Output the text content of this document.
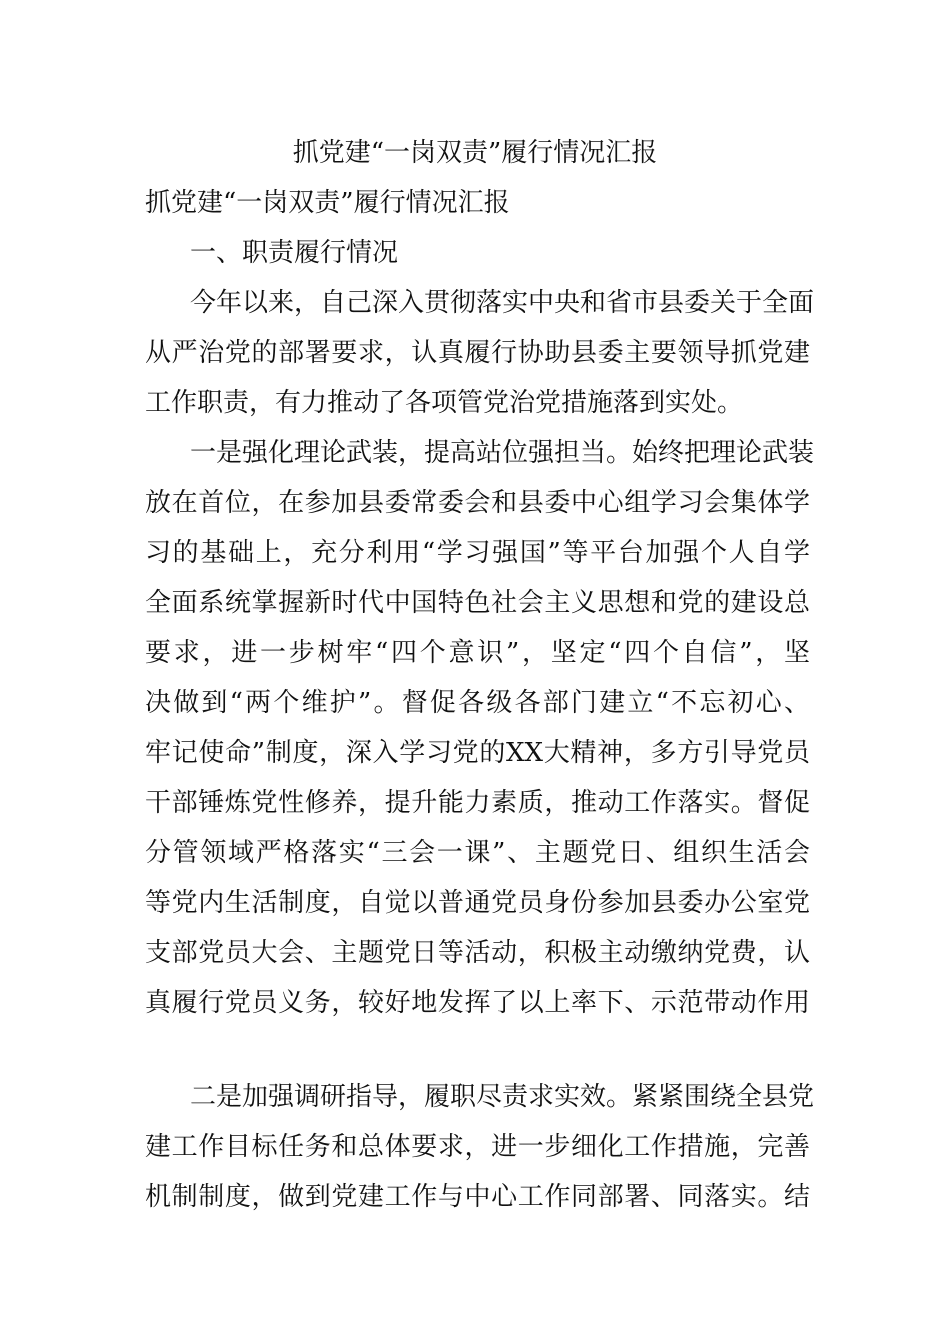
抓党建“一岗双责”履行情况汇报
抓党建“一岗双责”履行情况汇报
一、职责履行情况
今年以来，自己深入贯彻落实中央和省市县委关于全面
从严治党的部署要求，认真履行协助县委主要领导抓党建
工作职责，有力推动了各项管党治党措施落到实处。
一是强化理论武装，提高站位强担当。始终把理论武装
放在首位，在参加县委常委会和县委中心组学习会集体学
习的基础上，充分利用“学习强国”等平台加强个人自学
全面系统掌握新时代中国特色社会主义思想和党的建设总
要求，进一步树牢“四个意识”，坚定“四个自信”，坚
决做到“两个维护”。督促各级各部门建立“不忘初心、
牢记使命”制度，深入学习党的XX大精神，多方引导党员
干部锤炼党性修养，提升能力素质，推动工作落实。督促
分管领域严格落实“三会一课”、主题党日、组织生活会
等党内生活制度，自觉以普通党员身份参加县委办公室党
支部党员大会、主题党日等活动，积极主动缴纳党费，认
真履行党员义务，较好地发挥了以上率下、示范带动作用
二是加强调研指导，履职尽责求实效。紧紧围绕全县党
建工作目标任务和总体要求，进一步细化工作措施，完善
机制制度，做到党建工作与中心工作同部署、同落实。结
